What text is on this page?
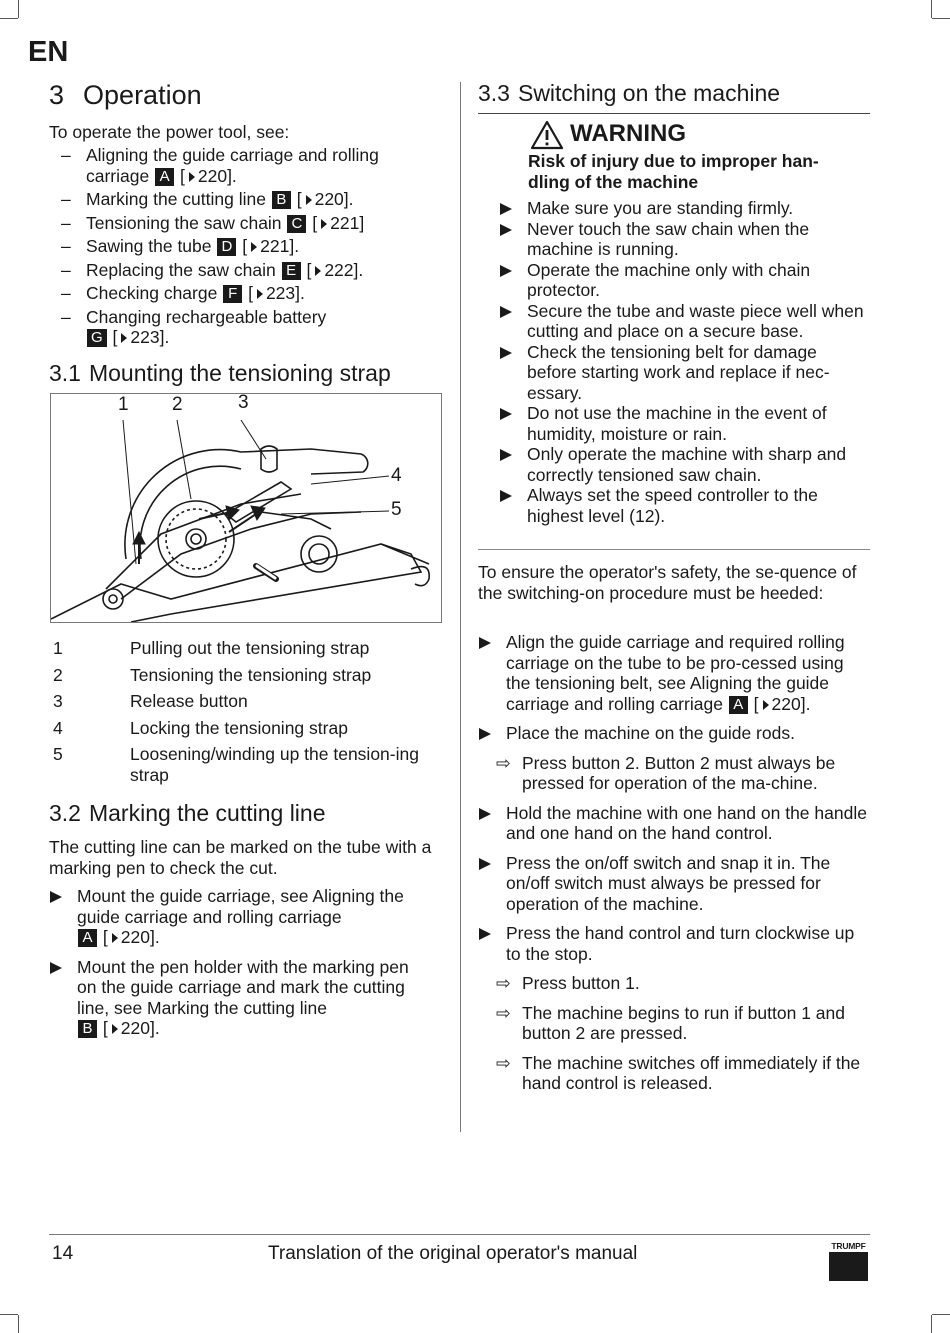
EN
3 Operation

To operate the power tool, see:

– Aligning the guide carriage and rolling carriage A [ 220].
– Marking the cutting line B [ 220].
– Tensioning the saw chain C [ 221]
– Sawing the tube D [ 221].
– Replacing the saw chain E [ 222].
– Checking charge F [ 223].
– Changing rechargeable battery
G [ 223].
3.1 Mounting the tensioning strap
1 2	3
4
5
1	Pulling out the tensioning strap
2	Tensioning the tensioning strap
3	Release button
4	Locking the tensioning strap
5	Loosening/winding up the tension-ing strap
3.2 Marking the cutting line

The cutting line can be marked on the tube with a marking pen to check the cut.

Mount the guide carriage, see Aligning the guide carriage and rolling carriage
A [ 220].
Mount the pen holder with the marking pen on the guide carriage and mark the cutting line, see Marking the cutting line
B [ 220].
3.3 Switching on the machine
WARNING
Risk of injury due to improper han-dling of the machine
Make sure you are standing firmly.
Never touch the saw chain when the machine is running.
Operate the machine only with chain protector.
Secure the tube and waste piece well when cutting and place on a secure base.
Check the tensioning belt for damage before starting work and replace if nec-essary.
Do not use the machine in the event of humidity, moisture or rain.
Only operate the machine with sharp and correctly tensioned saw chain.
Always set the speed controller to the highest level (12).

To ensure the operator's safety, the se-quence of the switching-on procedure must be heeded:

Align the guide carriage and required rolling carriage on the tube to be pro-cessed using the tensioning belt, see Aligning the guide carriage and rolling carriage A [ 220].
Place the machine on the guide rods.
⇨ Press button 2. Button 2 must always be pressed for operation of the ma-chine.
Hold the machine with one hand on the handle and one hand on the hand control.
Press the on/off switch and snap it in. The on/off switch must always be pressed for operation of the machine.
Press the hand control and turn clockwise up to the stop.
⇨ Press button 1.
⇨ The machine begins to run if button 1 and button 2 are pressed.
⇨ The machine switches off immediately if the hand control is released.
14	Translation of the original operator's manual	TRUMPF
